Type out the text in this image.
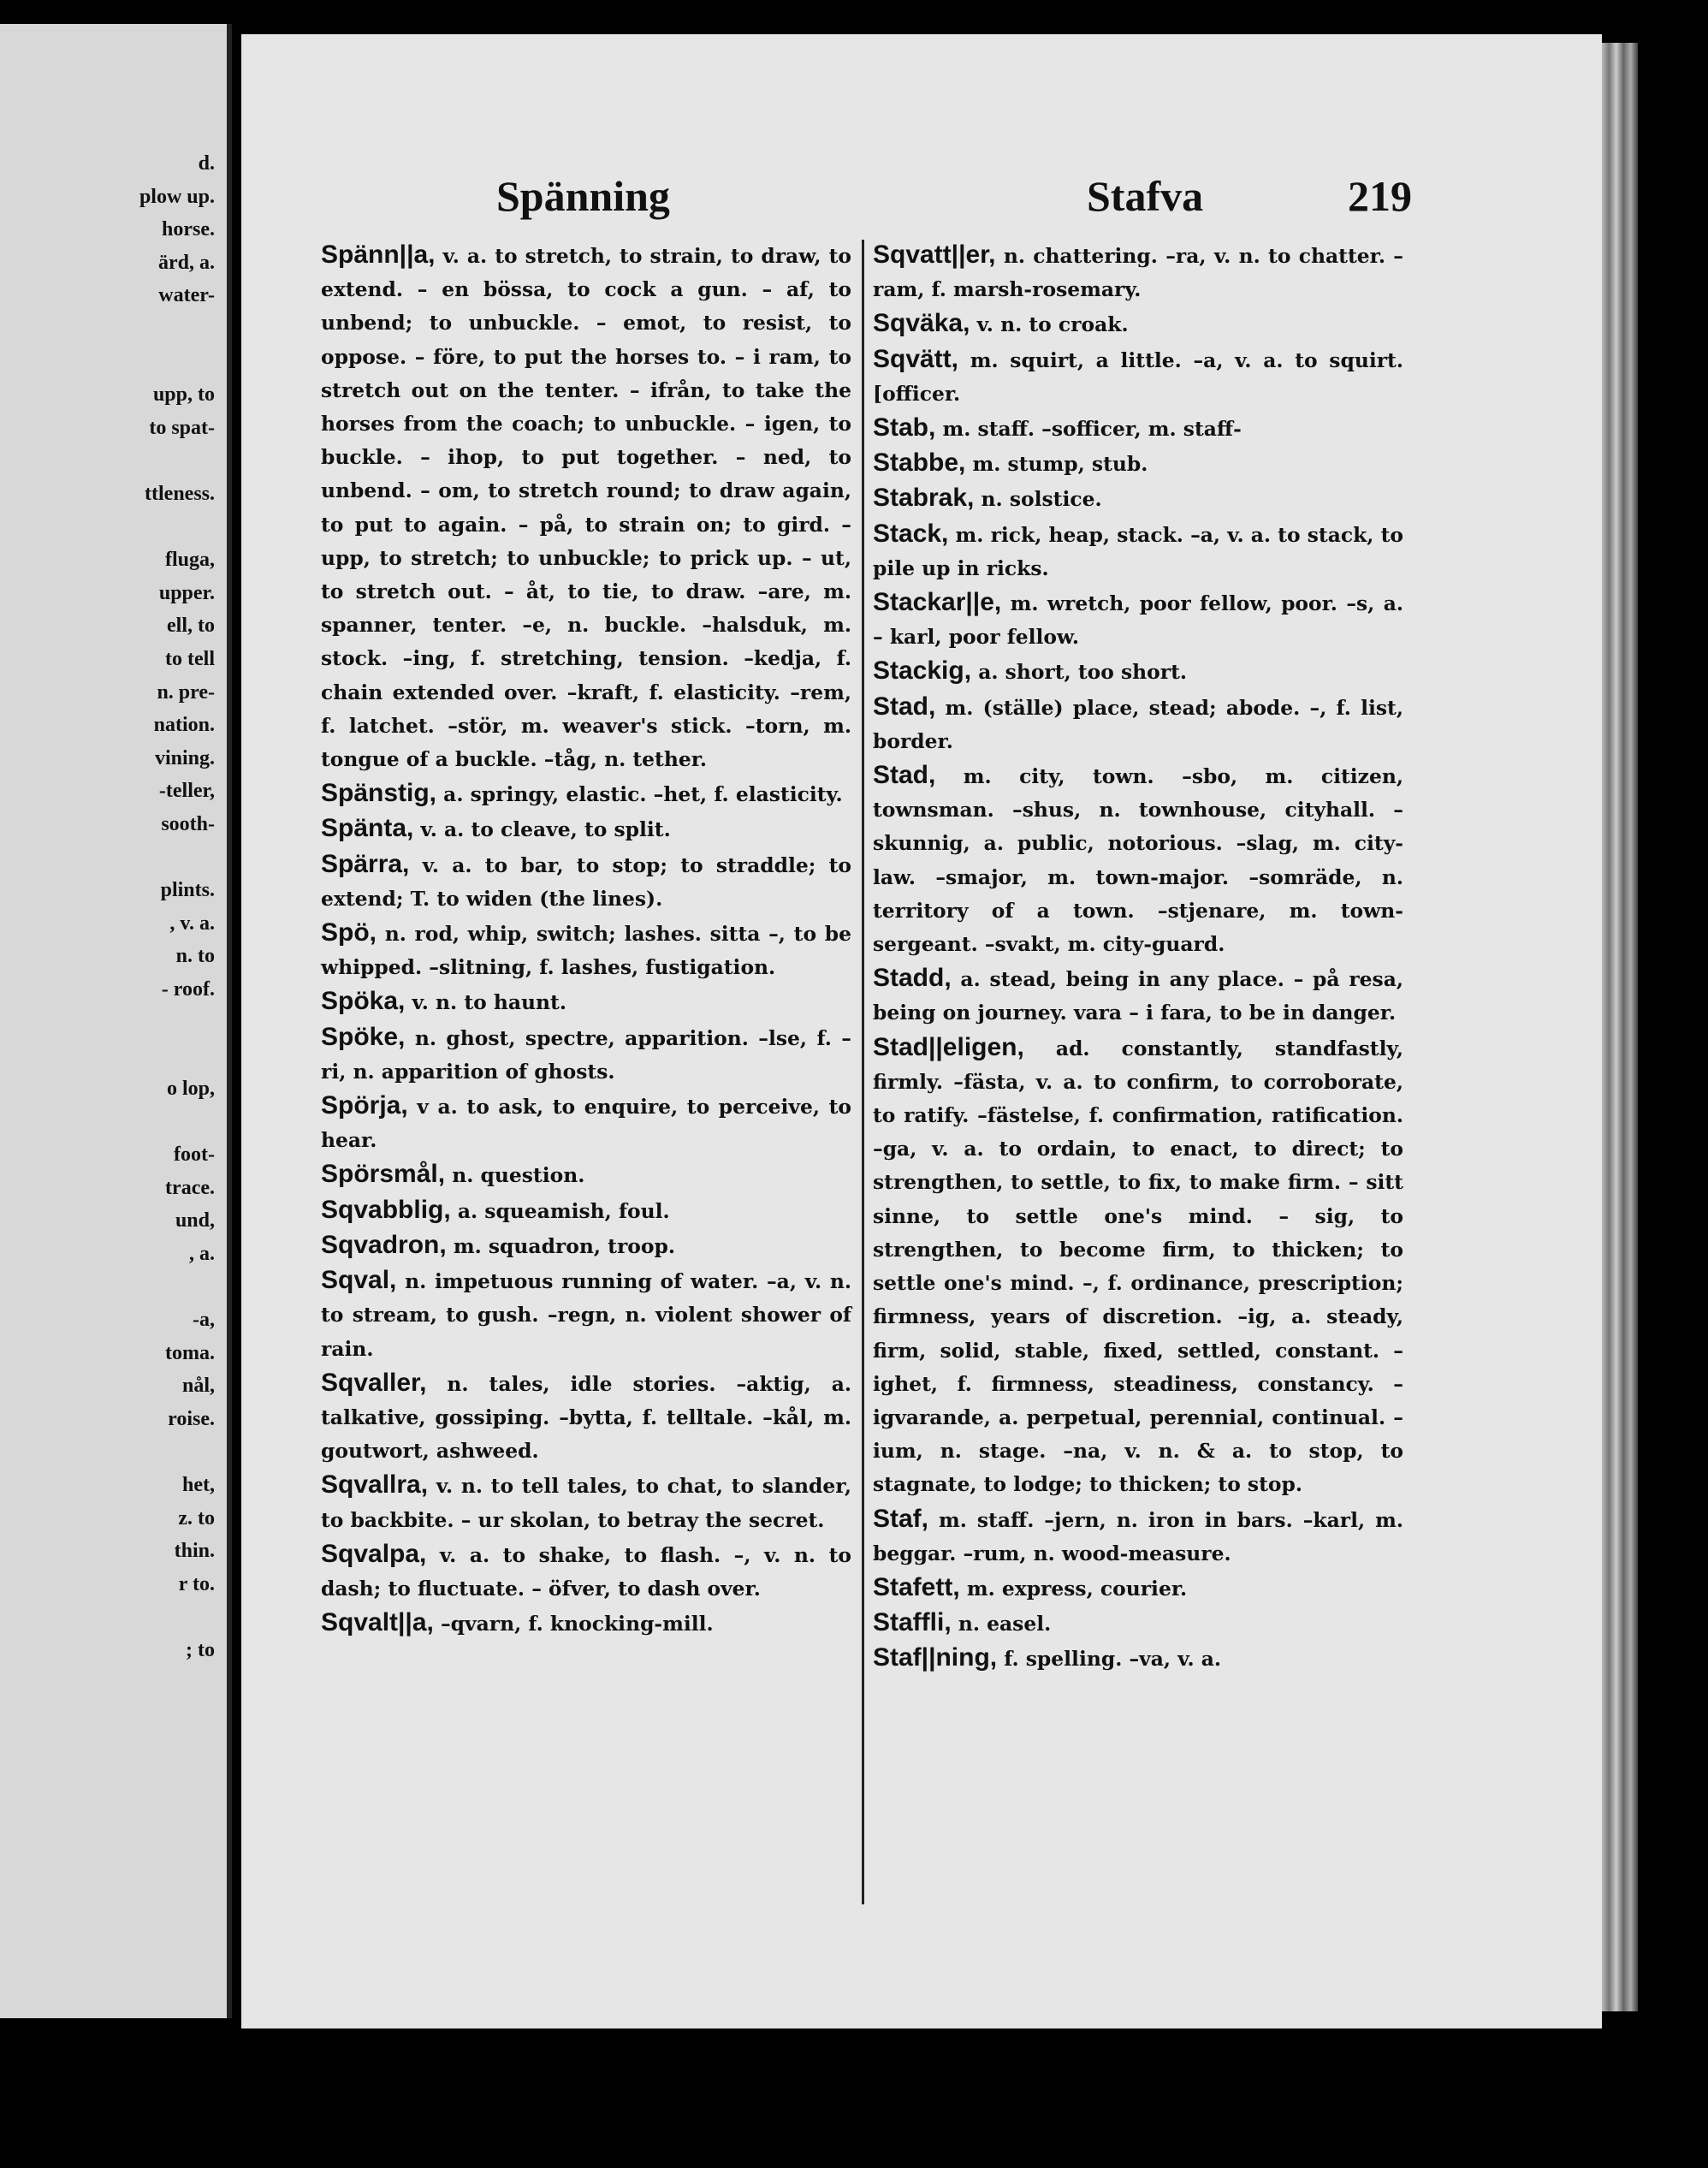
d.
plow up.
horse.
ärd, a.
water-
upp, to
to spat-
ttleness.
fluga,
upper.
ell, to
to tell
n. pre-
nation.
vining.
-teller,
sooth-
plints.
, v. a.
n. to
- roof.
o lop,
foot-
trace.
und,
, a.
-a,
toma.
nål,
roise.
het,
z. to
thin.
r to.
; to
Spänning	Stafva	219

Spänn||a, v. a. to stretch, to strain, to draw, to extend. – en bössa, to cock a gun. – af, to unbend; to unbuckle. – emot, to resist, to oppose. – före, to put the horses to. – i ram, to stretch out on the tenter. – ifrån, to take the horses from the coach; to unbuckle. – igen, to buckle. – ihop, to put together. – ned, to unbend. – om, to stretch round; to draw again, to put to again. – på, to strain on; to gird. – upp, to stretch; to unbuckle; to prick up. – ut, to stretch out. – åt, to tie, to draw. –are, m. spanner, tenter. –e, n. buckle. –halsduk, m. stock. –ing, f. stretching, tension. –kedja, f. chain extended over. –kraft, f. elasticity. –rem, f. latchet. –stör, m. weaver's stick. –torn, m. tongue of a buckle. –tåg, n. tether.

Spänstig, a. springy, elastic. –het, f. elasticity.

Spänta, v. a. to cleave, to split.

Spärra, v. a. to bar, to stop; to straddle; to extend; T. to widen (the lines).

Spö, n. rod, whip, switch; lashes. sitta –, to be whipped. –slitning, f. lashes, fustigation.

Spöka, v. n. to haunt.

Spöke, n. ghost, spectre, apparition. –lse, f. –ri, n. apparition of ghosts.

Spörja, v a. to ask, to enquire, to perceive, to hear.

Spörsmål, n. question.

Sqvabblig, a. squeamish, foul.

Sqvadron, m. squadron, troop.

Sqval, n. impetuous running of water. –a, v. n. to stream, to gush. –regn, n. violent shower of rain.

Sqvaller, n. tales, idle stories. –aktig, a. talkative, gossiping. –bytta, f. telltale. –kål, m. goutwort, ashweed.

Sqvallra, v. n. to tell tales, to chat, to slander, to backbite. – ur skolan, to betray the secret.

Sqvalpa, v. a. to shake, to flash. –, v. n. to dash; to fluctuate. – öfver, to dash over.

Sqvalt||a, –qvarn, f. knocking-mill.

Sqvatt||er, n. chattering. –ra, v. n. to chatter. –ram, f. marsh-rosemary.

Sqväka, v. n. to croak.

Sqvätt, m. squirt, a little. –a, v. a. to squirt. [officer.

Stab, m. staff. –sofficer, m. staff-

Stabbe, m. stump, stub.

Stabrak, n. solstice.

Stack, m. rick, heap, stack. –a, v. a. to stack, to pile up in ricks.

Stackar||e, m. wretch, poor fellow, poor. –s, a. – karl, poor fellow.

Stackig, a. short, too short.

Stad, m. (ställe) place, stead; abode. –, f. list, border.

Stad, m. city, town. –sbo, m. citizen, townsman. –shus, n. townhouse, cityhall. –skunnig, a. public, notorious. –slag, m. city-law. –smajor, m. town-major. –somräde, n. territory of a town. –stjenare, m. town-sergeant. –svakt, m. city-guard.

Stadd, a. stead, being in any place. – på resa, being on journey. vara – i fara, to be in danger.

Stad||eligen, ad. constantly, standfastly, firmly. –fästa, v. a. to confirm, to corroborate, to ratify. –fästelse, f. confirmation, ratification. –ga, v. a. to ordain, to enact, to direct; to strengthen, to settle, to fix, to make firm. – sitt sinne, to settle one's mind. – sig, to strengthen, to become firm, to thicken; to settle one's mind. –, f. ordinance, prescription; firmness, years of discretion. –ig, a. steady, firm, solid, stable, fixed, settled, constant. –ighet, f. firmness, steadiness, constancy. –igvarande, a. perpetual, perennial, continual. –ium, n. stage. –na, v. n. & a. to stop, to stagnate, to lodge; to thicken; to stop.

Staf, m. staff. –jern, n. iron in bars. –karl, m. beggar. –rum, n. wood-measure.

Stafett, m. express, courier.

Staffli, n. easel.

Staf||ning, f. spelling. –va, v. a.
